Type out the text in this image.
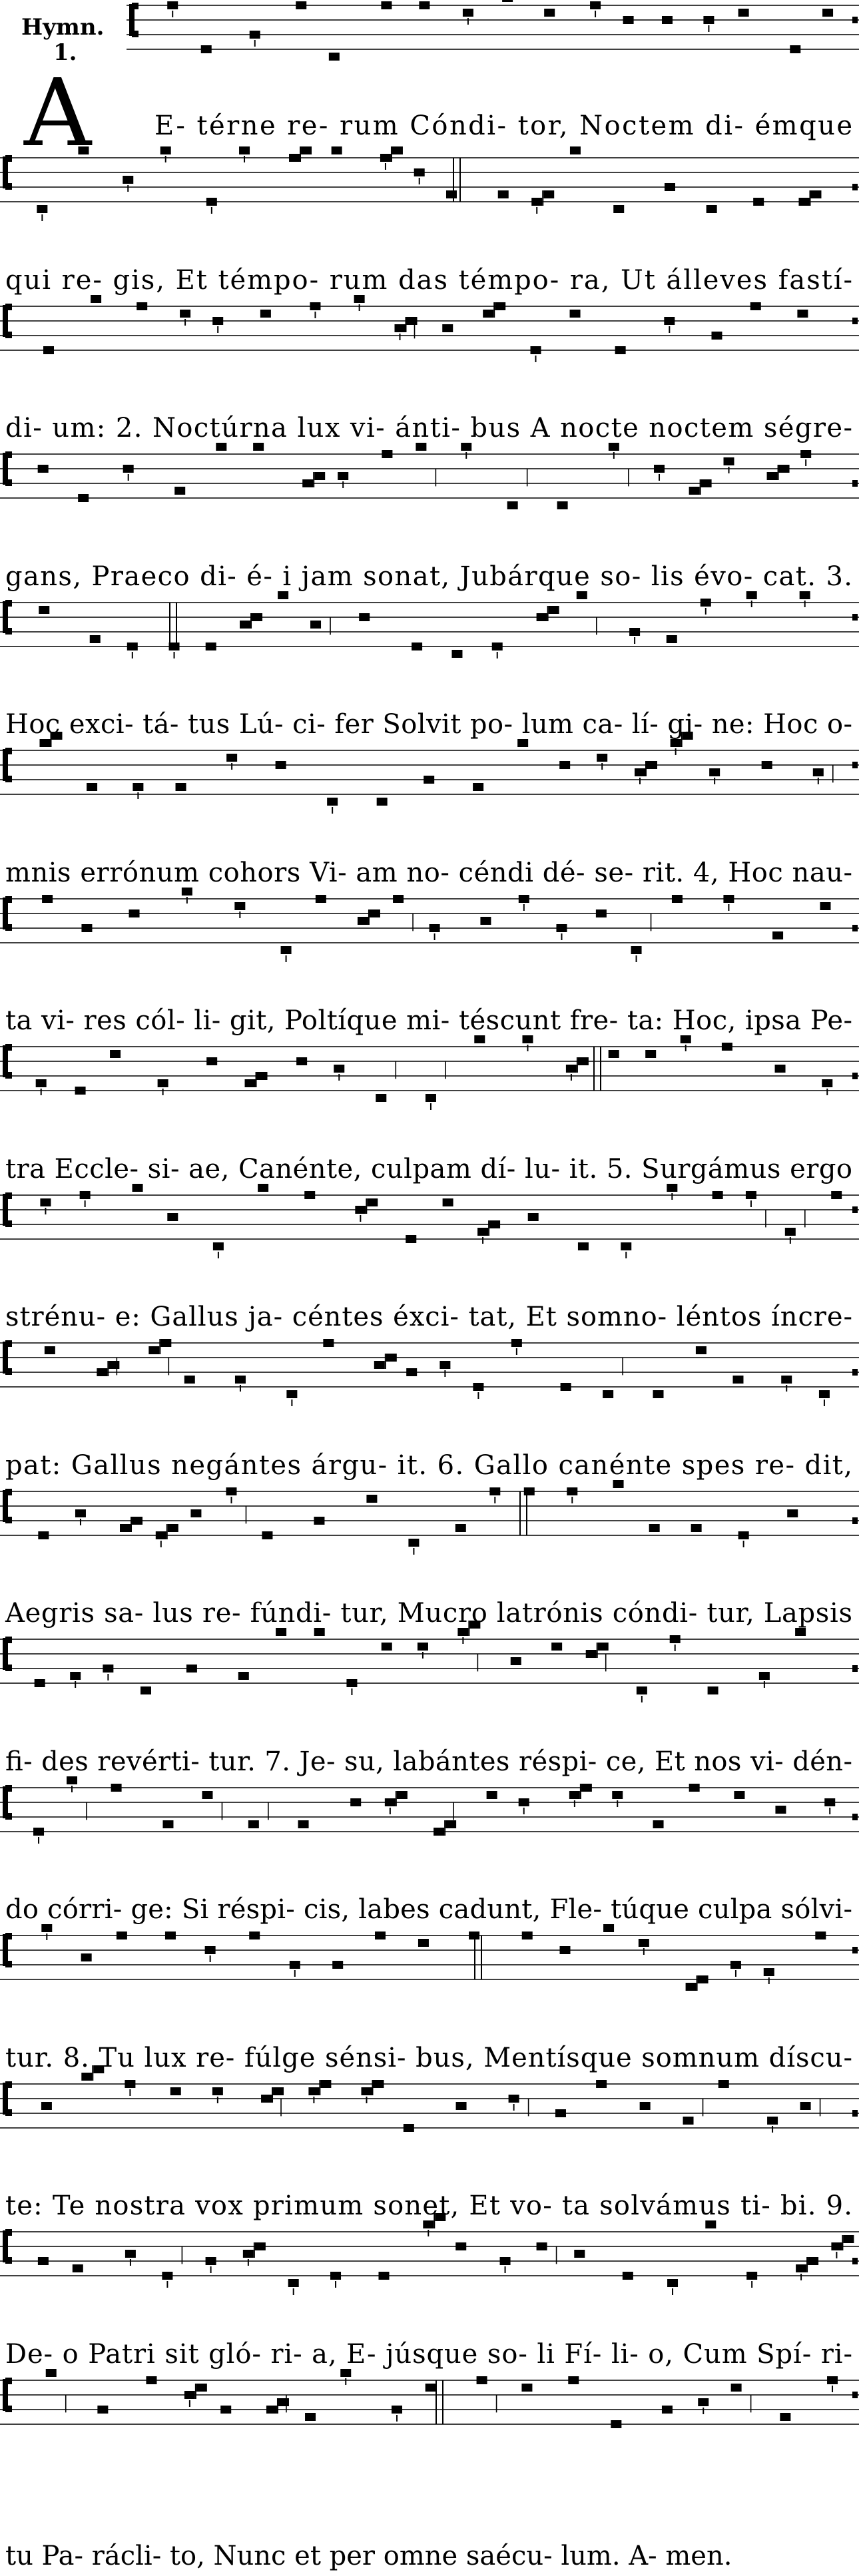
Hymn.
1.
A E- térne re- rum Cóndi- tor, Noctem di- émque
qui re- gis, Et témpo- rum das témpo- ra, Ut álleves fastí-
di- um: 2. Noctúrna lux vi- ánti- bus A nocte noctem ségre-
gans, Praeco di- é- i jam sonat, Jubárque so- lis évo- cat. 3.
Hoc exci- tá- tus Lú- ci- fer Solvit po- lum ca- lí- gi- ne: Hoc o-
mnis errónum cohors Vi- am no- céndi dé- se- rit. 4, Hoc nau-
ta vi- res cól- li- git, Poltíque mi- téscunt fre- ta: Hoc, ipsa Pe-
tra Eccle- si- ae, Canénte, culpam dí- lu- it. 5. Surgámus ergo
strénu- e: Gallus ja- céntes éxci- tat, Et somno- léntos íncre-
pat: Gallus negántes árgu- it. 6. Gallo canénte spes re- dit,
Aegris sa- lus re- fúndi- tur, Mucro latrónis cóndi- tur, Lapsis
fi- des revérti- tur. 7. Je- su, labántes réspi- ce, Et nos vi- dén-
do córri- ge: Si réspi- cis, labes cadunt, Fle- túque culpa sólvi-
tur. 8. Tu lux re- fúlge sénsi- bus, Mentísque somnum díscu-
te: Te nostra vox primum sonet, Et vo- ta solvámus ti- bi. 9.
De- o Patri sit gló- ri- a, E- júsque so- li Fí- li- o, Cum Spí- ri-
tu Pa- rácli- to, Nunc et per omne saécu- lum. A- men.
